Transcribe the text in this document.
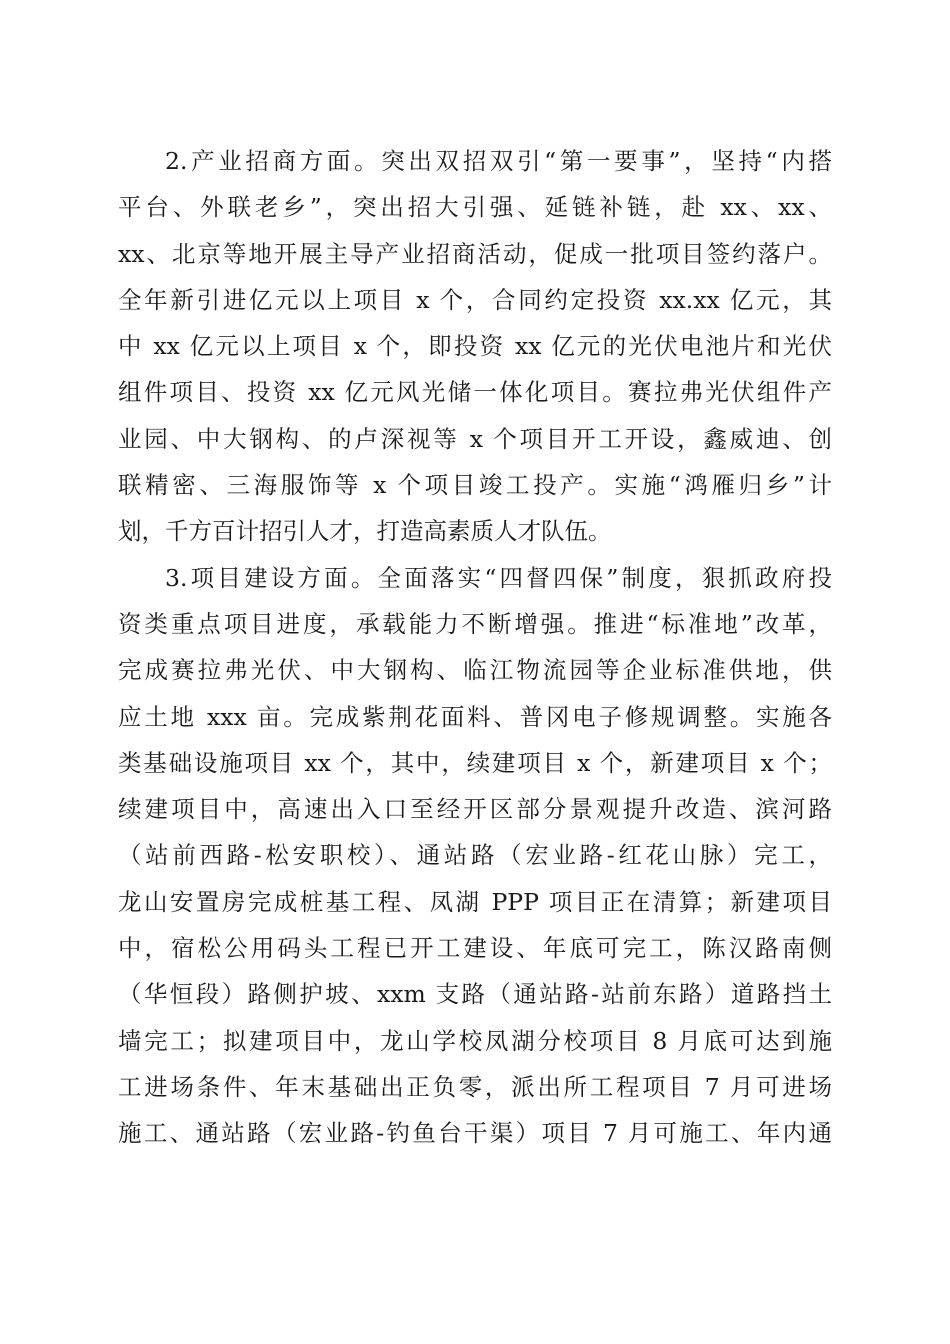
2.产业招商方面。突出双招双引“第一要事”，坚持“内搭
平台、外联老乡”，突出招大引强、延链补链，赴 xx、xx、
xx、北京等地开展主导产业招商活动，促成一批项目签约落户。
全年新引进亿元以上项目 x 个，合同约定投资 xx.xx 亿元，其
中 xx 亿元以上项目 x 个，即投资 xx 亿元的光伏电池片和光伏
组件项目、投资 xx 亿元风光储一体化项目。赛拉弗光伏组件产
业园、中大钢构、的卢深视等 x 个项目开工开设，鑫威迪、创
联精密、三海服饰等 x 个项目竣工投产。实施“鸿雁归乡”计
划，千方百计招引人才，打造高素质人才队伍。
3.项目建设方面。全面落实“四督四保”制度，狠抓政府投
资类重点项目进度，承载能力不断增强。推进“标准地”改革，
完成赛拉弗光伏、中大钢构、临江物流园等企业标准供地，供
应土地 xxx 亩。完成紫荆花面料、普冈电子修规调整。实施各
类基础设施项目 xx 个，其中，续建项目 x 个，新建项目 x 个；
续建项目中，高速出入口至经开区部分景观提升改造、滨河路
（站前西路-松安职校）、通站路（宏业路-红花山脉）完工，
龙山安置房完成桩基工程、凤湖 PPP 项目正在清算；新建项目
中，宿松公用码头工程已开工建设、年底可完工，陈汉路南侧
（华恒段）路侧护坡、xxm 支路（通站路-站前东路）道路挡土
墙完工；拟建项目中，龙山学校凤湖分校项目 8 月底可达到施
工进场条件、年末基础出正负零，派出所工程项目 7 月可进场
施工、通站路（宏业路-钓鱼台干渠）项目 7 月可施工、年内通
